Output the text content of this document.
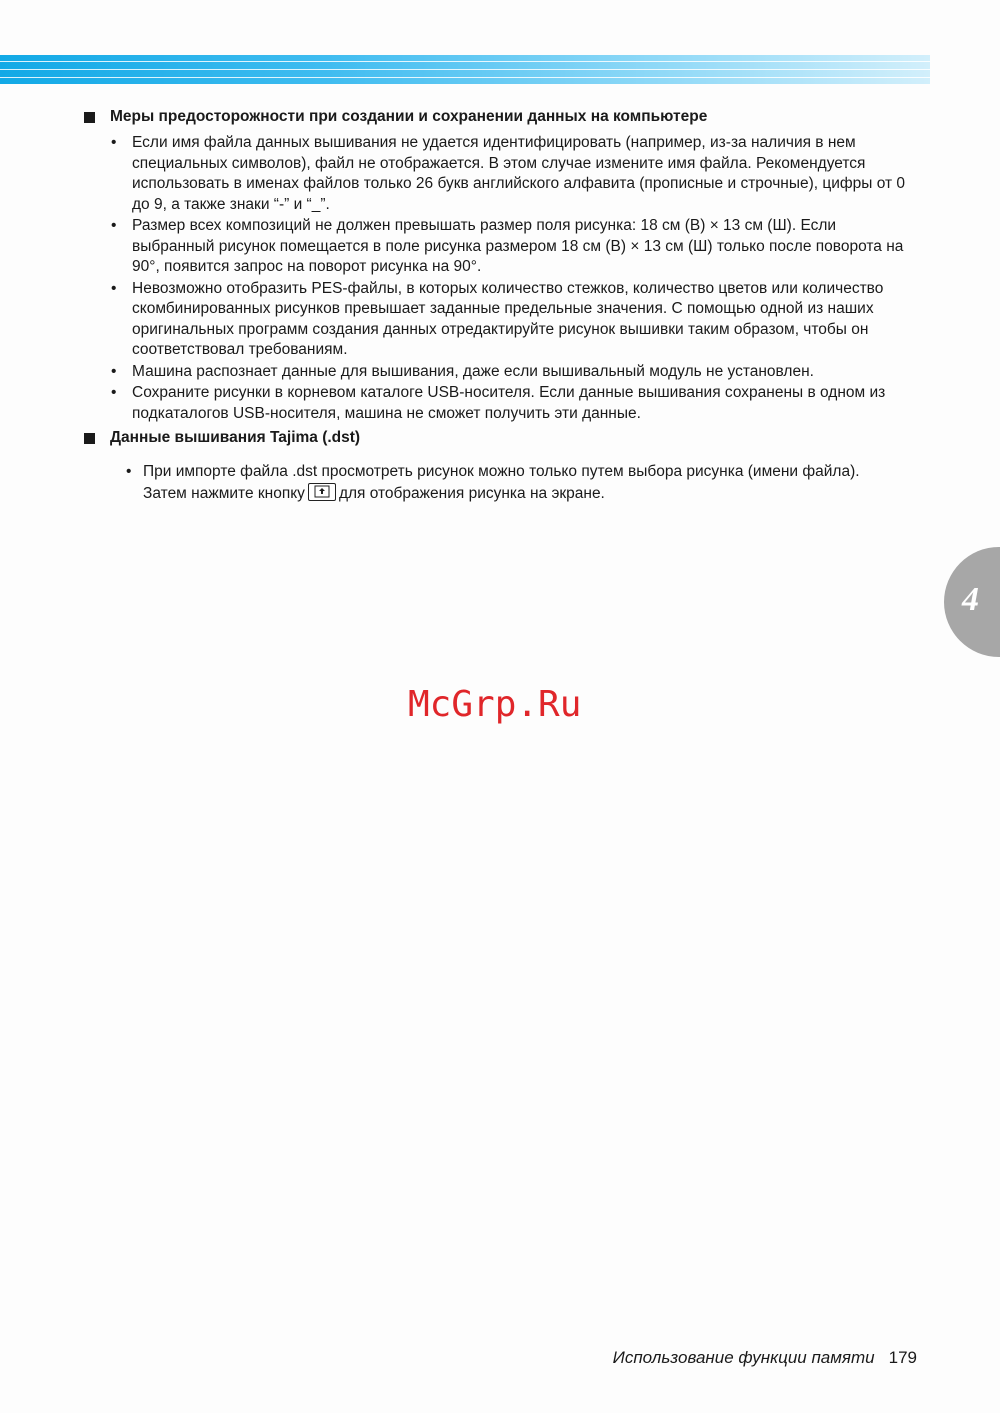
Меры предосторожности при создании и сохранении данных на компьютере
• Если имя файла данных вышивания не удается идентифицировать (например, из-за наличия в нем специальных символов), файл не отображается. В этом случае измените имя файла. Рекомендуется использовать в именах файлов только 26 букв английского алфавита (прописные и строчные), цифры от 0 до 9, а также знаки “-” и “_”.
• Размер всех композиций не должен превышать размер поля рисунка: 18 см (В) × 13 см (Ш). Если выбранный рисунок помещается в поле рисунка размером 18 см (В) × 13 см (Ш) только после поворота на 90°, появится запрос на поворот рисунка на 90°.
• Невозможно отобразить PES-файлы, в которых количество стежков, количество цветов или количество скомбинированных рисунков превышает заданные предельные значения. С помощью одной из наших оригинальных программ создания данных отредактируйте рисунок вышивки таким образом, чтобы он соответствовал требованиям.
• Машина распознает данные для вышивания, даже если вышивальный модуль не установлен.
• Сохраните рисунки в корневом каталоге USB-носителя. Если данные вышивания сохранены в одном из подкаталогов USB-носителя, машина не сможет получить эти данные.
Данные вышивания Tajima (.dst)
• При импорте файла .dst просмотреть рисунок можно только путем выбора рисунка (имени файла).
Затем нажмите кнопку для отображения рисунка на экране.
4
McGrp.Ru
Использование функции памяти 179
